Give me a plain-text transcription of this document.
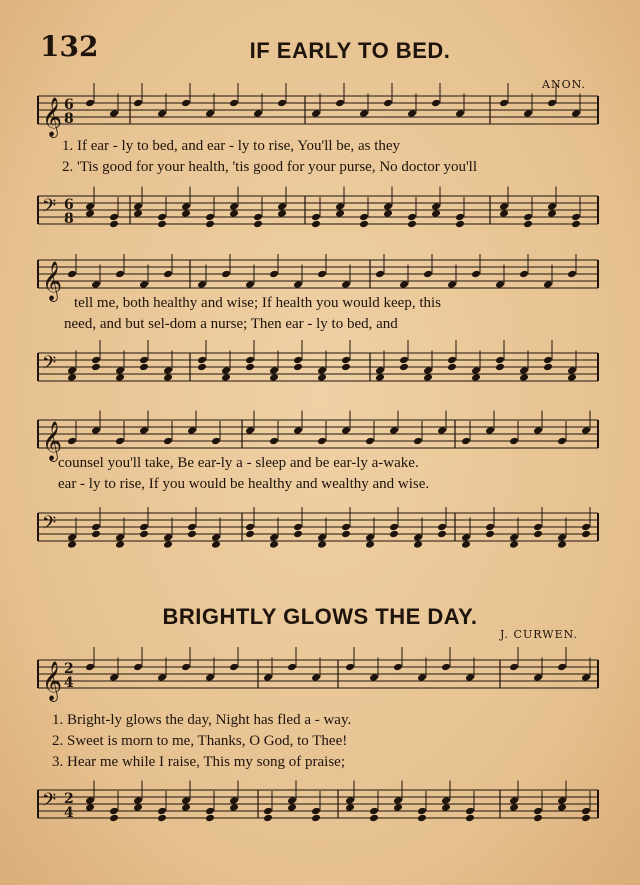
132	IF EARLY TO BED.
ANON.
𝄞 6
8
1. If ear - ly to bed, and ear - ly to rise, You'll be, as they
2. 'Tis good for your health, 'tis good for your purse, No doctor you'll
𝄢 6
8
𝄞
tell me, both healthy and wise; If health you would keep, this
need, and but sel-dom a nurse; Then ear - ly to bed, and
𝄢
𝄞
counsel you'll take, Be ear-ly a - sleep and be ear-ly a-wake.
ear - ly to rise, If you would be healthy and wealthy and wise.
𝄢
BRIGHTLY GLOWS THE DAY.
J. CURWEN.
𝄞 2
4
1. Bright-ly glows the day, Night has fled a - way.
2. Sweet is morn to me, Thanks, O God, to Thee!
3. Hear me while I raise, This my song of praise;
𝄢 2
4
